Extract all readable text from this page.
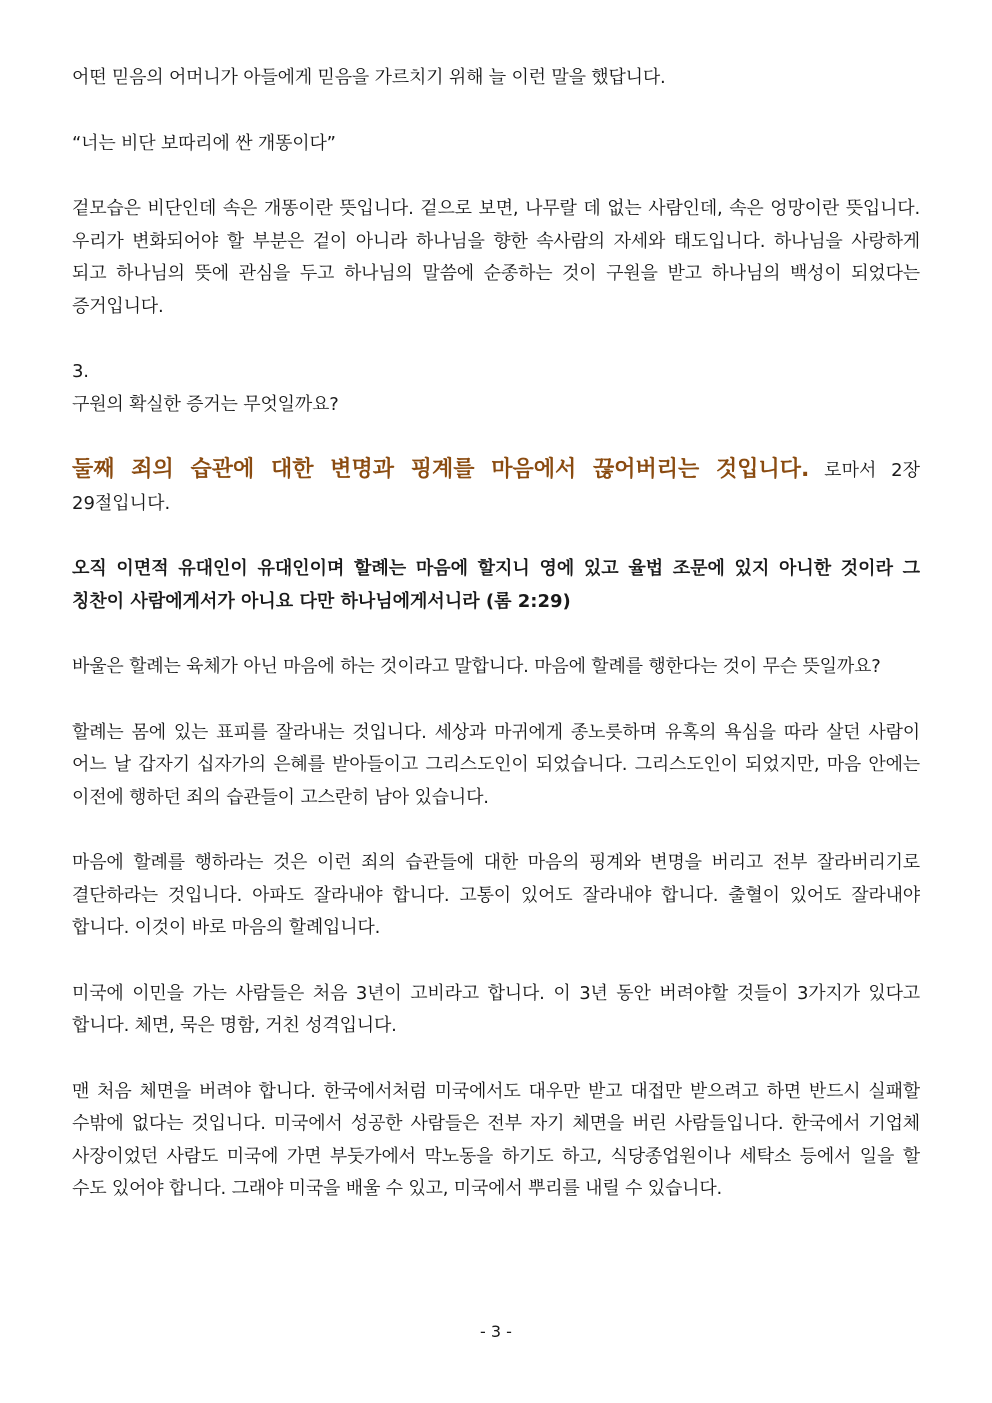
어떤 믿음의 어머니가 아들에게 믿음을 가르치기 위해 늘 이런 말을 했답니다.

“너는 비단 보따리에 싼 개똥이다”

겉모습은 비단인데 속은 개똥이란 뜻입니다. 겉으로 보면, 나무랄 데 없는 사람인데, 속은 엉망이란 뜻입니다. 우리가 변화되어야 할 부분은 겉이 아니라 하나님을 향한 속사람의 자세와 태도입니다. 하나님을 사랑하게 되고 하나님의 뜻에 관심을 두고 하나님의 말씀에 순종하는 것이 구원을 받고 하나님의 백성이 되었다는 증거입니다.

3.

구원의 확실한 증거는 무엇일까요?

둘째 죄의 습관에 대한 변명과 핑계를 마음에서 끊어버리는 것입니다. 로마서 2장 29절입니다.

오직 이면적 유대인이 유대인이며 할례는 마음에 할지니 영에 있고 율법 조문에 있지 아니한 것이라 그 칭찬이 사람에게서가 아니요 다만 하나님에게서니라 (롬 2:29)

바울은 할례는 육체가 아닌 마음에 하는 것이라고 말합니다. 마음에 할례를 행한다는 것이 무슨 뜻일까요?

할례는 몸에 있는 표피를 잘라내는 것입니다. 세상과 마귀에게 종노릇하며 유혹의 욕심을 따라 살던 사람이 어느 날 갑자기 십자가의 은혜를 받아들이고 그리스도인이 되었습니다. 그리스도인이 되었지만, 마음 안에는 이전에 행하던 죄의 습관들이 고스란히 남아 있습니다.

마음에 할례를 행하라는 것은 이런 죄의 습관들에 대한 마음의 핑계와 변명을 버리고 전부 잘라버리기로 결단하라는 것입니다. 아파도 잘라내야 합니다. 고통이 있어도 잘라내야 합니다. 출혈이 있어도 잘라내야 합니다. 이것이 바로 마음의 할례입니다.

미국에 이민을 가는 사람들은 처음 3년이 고비라고 합니다. 이 3년 동안 버려야할 것들이 3가지가 있다고 합니다. 체면, 묵은 명함, 거친 성격입니다.

맨 처음 체면을 버려야 합니다. 한국에서처럼 미국에서도 대우만 받고 대접만 받으려고 하면 반드시 실패할 수밖에 없다는 것입니다. 미국에서 성공한 사람들은 전부 자기 체면을 버린 사람들입니다. 한국에서 기업체 사장이었던 사람도 미국에 가면 부둣가에서 막노동을 하기도 하고, 식당종업원이나 세탁소 등에서 일을 할 수도 있어야 합니다. 그래야 미국을 배울 수 있고, 미국에서 뿌리를 내릴 수 있습니다.

- 3 -
